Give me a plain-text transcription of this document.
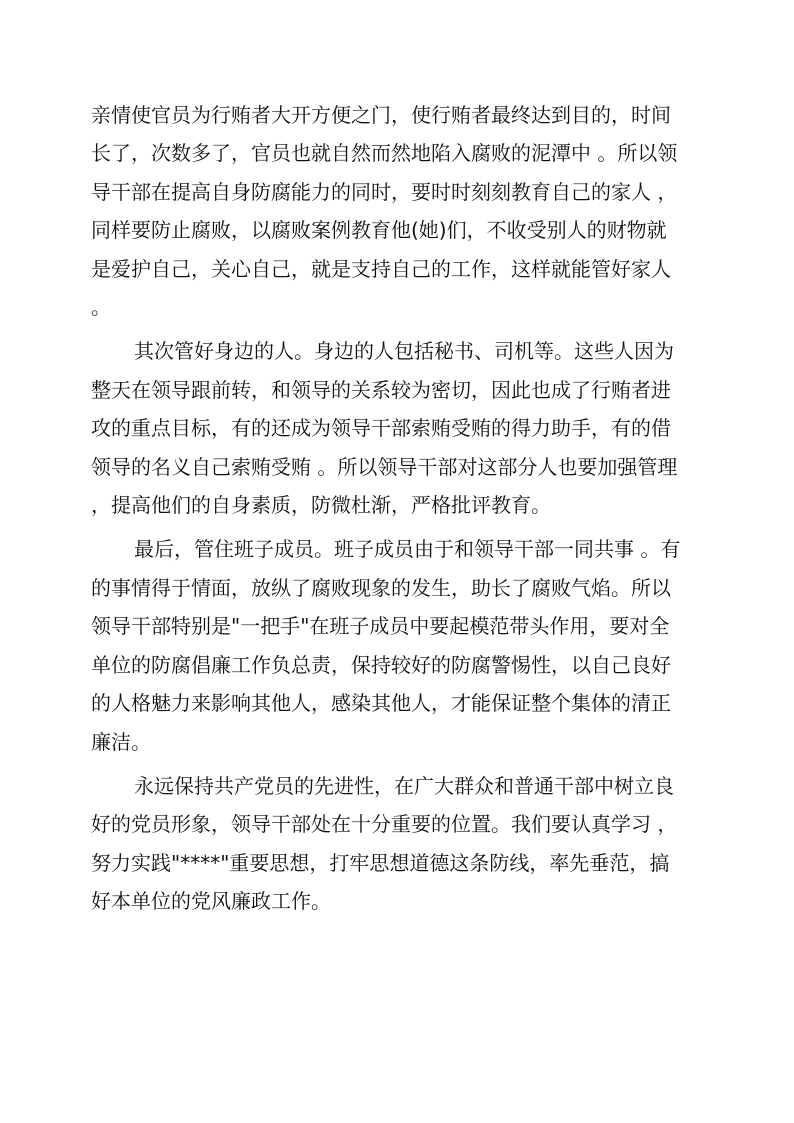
亲情使官员为行贿者大开方便之门，使行贿者最终达到目的，时间
长了，次数多了，官员也就自然而然地陷入腐败的泥潭中 。所以领
导干部在提高自身防腐能力的同时，要时时刻刻教育自己的家人 ，
同样要防止腐败，以腐败案例教育他(她)们，不收受别人的财物就
是爱护自己，关心自己，就是支持自己的工作，这样就能管好家人
。
其次管好身边的人。身边的人包括秘书、司机等。这些人因为
整天在领导跟前转，和领导的关系较为密切，因此也成了行贿者进
攻的重点目标，有的还成为领导干部索贿受贿的得力助手，有的借
领导的名义自己索贿受贿 。所以领导干部对这部分人也要加强管理
，提高他们的自身素质，防微杜渐，严格批评教育。
最后，管住班子成员。班子成员由于和领导干部一同共事 。有
的事情得于情面，放纵了腐败现象的发生，助长了腐败气焰。所以
领导干部特别是"一把手"在班子成员中要起模范带头作用，要对全
单位的防腐倡廉工作负总责，保持较好的防腐警惕性，以自己良好
的人格魅力来影响其他人，感染其他人，才能保证整个集体的清正
廉洁。
永远保持共产党员的先进性，在广大群众和普通干部中树立良
好的党员形象，领导干部处在十分重要的位置。我们要认真学习 ，
努力实践"****"重要思想，打牢思想道德这条防线，率先垂范，搞
好本单位的党风廉政工作。
